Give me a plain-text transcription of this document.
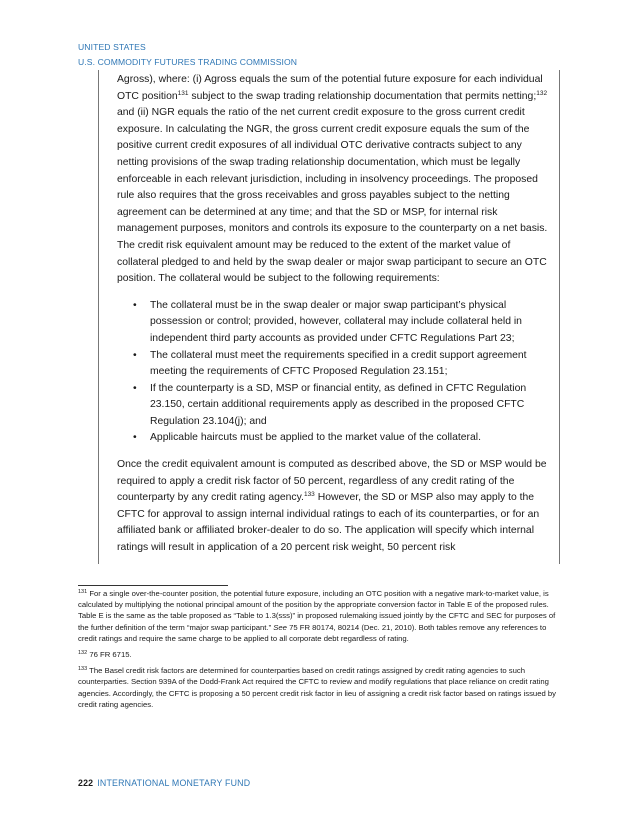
UNITED STATES
U.S. COMMODITY FUTURES TRADING COMMISSION

Agross), where: (i) Agross equals the sum of the potential future exposure for each individual OTC position$^{131}$ subject to the swap trading relationship documentation that permits netting;$^{132}$ and (ii) NGR equals the ratio of the net current credit exposure to the gross current credit exposure. In calculating the NGR, the gross current credit exposure equals the sum of the positive current credit exposures of all individual OTC derivative contracts subject to any netting provisions of the swap trading relationship documentation, which must be legally enforceable in each relevant jurisdiction, including in insolvency proceedings. The proposed rule also requires that the gross receivables and gross payables subject to the netting agreement can be determined at any time; and that the SD or MSP, for internal risk management purposes, monitors and controls its exposure to the counterparty on a net basis. The credit risk equivalent amount may be reduced to the extent of the market value of collateral pledged to and held by the swap dealer or major swap participant to secure an OTC position. The collateral would be subject to the following requirements:

• The collateral must be in the swap dealer or major swap participant’s physical possession or control; provided, however, collateral may include collateral held in independent third party accounts as provided under CFTC Regulations Part 23;
• The collateral must meet the requirements specified in a credit support agreement meeting the requirements of CFTC Proposed Regulation 23.151;
• If the counterparty is a SD, MSP or financial entity, as defined in CFTC Regulation 23.150, certain additional requirements apply as described in the proposed CFTC Regulation 23.104(j); and
• Applicable haircuts must be applied to the market value of the collateral.

Once the credit equivalent amount is computed as described above, the SD or MSP would be required to apply a credit risk factor of 50 percent, regardless of any credit rating of the counterparty by any credit rating agency.$^{133}$ However, the SD or MSP also may apply to the CFTC for approval to assign internal individual ratings to each of its counterparties, or for an affiliated bank or affiliated broker-dealer to do so. The application will specify which internal ratings will result in application of a 20 percent risk weight, 50 percent risk

$^{131}$ For a single over-the-counter position, the potential future exposure, including an OTC position with a negative mark-to-market value, is calculated by multiplying the notional principal amount of the position by the appropriate conversion factor in Table E of the proposed rules. Table E is the same as the table proposed as “Table to 1.3(sss)” in proposed rulemaking issued jointly by the CFTC and SEC for purposes of the further definition of the term “major swap participant.” See 75 FR 80174, 80214 (Dec. 21, 2010). Both tables remove any references to credit ratings and require the same charge to be applied to all corporate debt regardless of rating.

$^{132}$ 76 FR 6715.

$^{133}$ The Basel credit risk factors are determined for counterparties based on credit ratings assigned by credit rating agencies to such counterparties. Section 939A of the Dodd-Frank Act required the CFTC to review and modify regulations that place reliance on credit rating agencies. Accordingly, the CFTC is proposing a 50 percent credit risk factor in lieu of assigning a credit risk factor based on ratings issued by credit rating agencies.

222 INTERNATIONAL MONETARY FUND
